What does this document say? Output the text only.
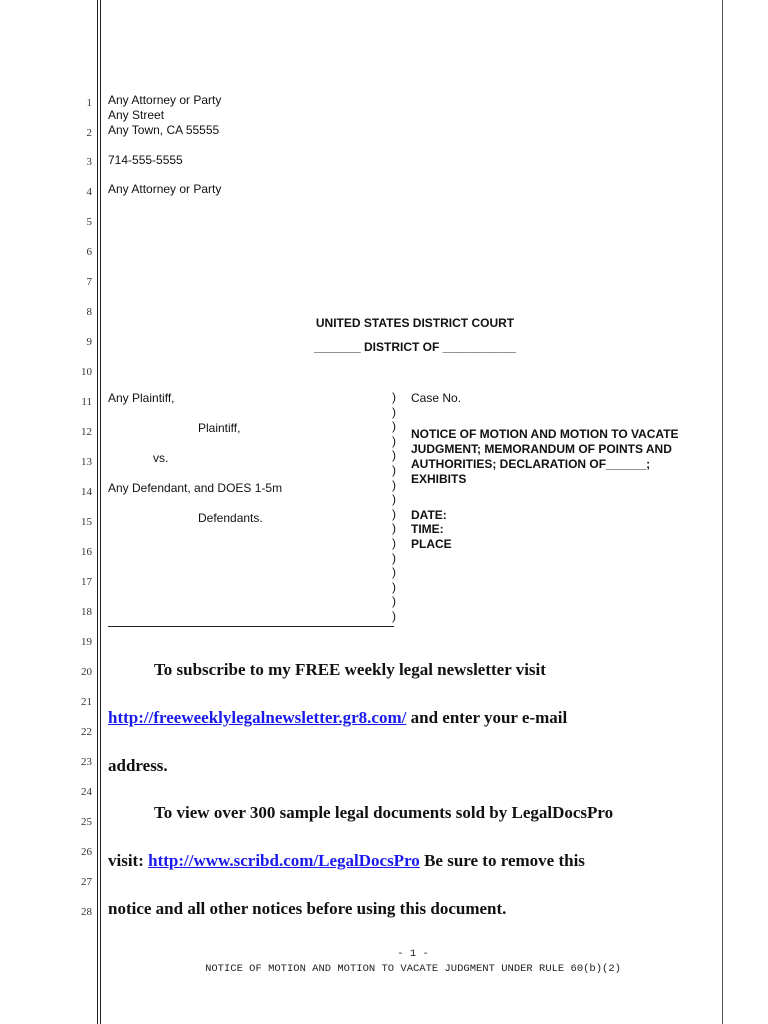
1
2
3
4
5
6
7
8
9
10
11
12
13
14
15
16
17
18
19
20
21
22
23
24
25
26
27
28
Any Attorney or Party
Any Street
Any Town, CA 55555
714-555-5555
Any Attorney or Party
UNITED STATES DISTRICT COURT
_______ DISTRICT OF ___________
Any Plaintiff,
Plaintiff,
vs.
Any Defendant, and DOES 1-5m
Defendants.
)
)
)
)
)
)
)
)
)
)
)
)
)
)
)
)
Case No.
NOTICE OF MOTION AND MOTION TO VACATE
JUDGMENT; MEMORANDUM OF POINTS AND
AUTHORITIES; DECLARATION OF______;
EXHIBITS
DATE:
TIME:
PLACE
To subscribe to my FREE weekly legal newsletter visit
http://freeweeklylegalnewsletter.gr8.com/ and enter your e-mail
address.
To view over 300 sample legal documents sold by LegalDocsPro
visit: http://www.scribd.com/LegalDocsPro Be sure to remove this
notice and all other notices before using this document.
- 1 -
NOTICE OF MOTION AND MOTION TO VACATE JUDGMENT UNDER RULE 60(b)(2)
